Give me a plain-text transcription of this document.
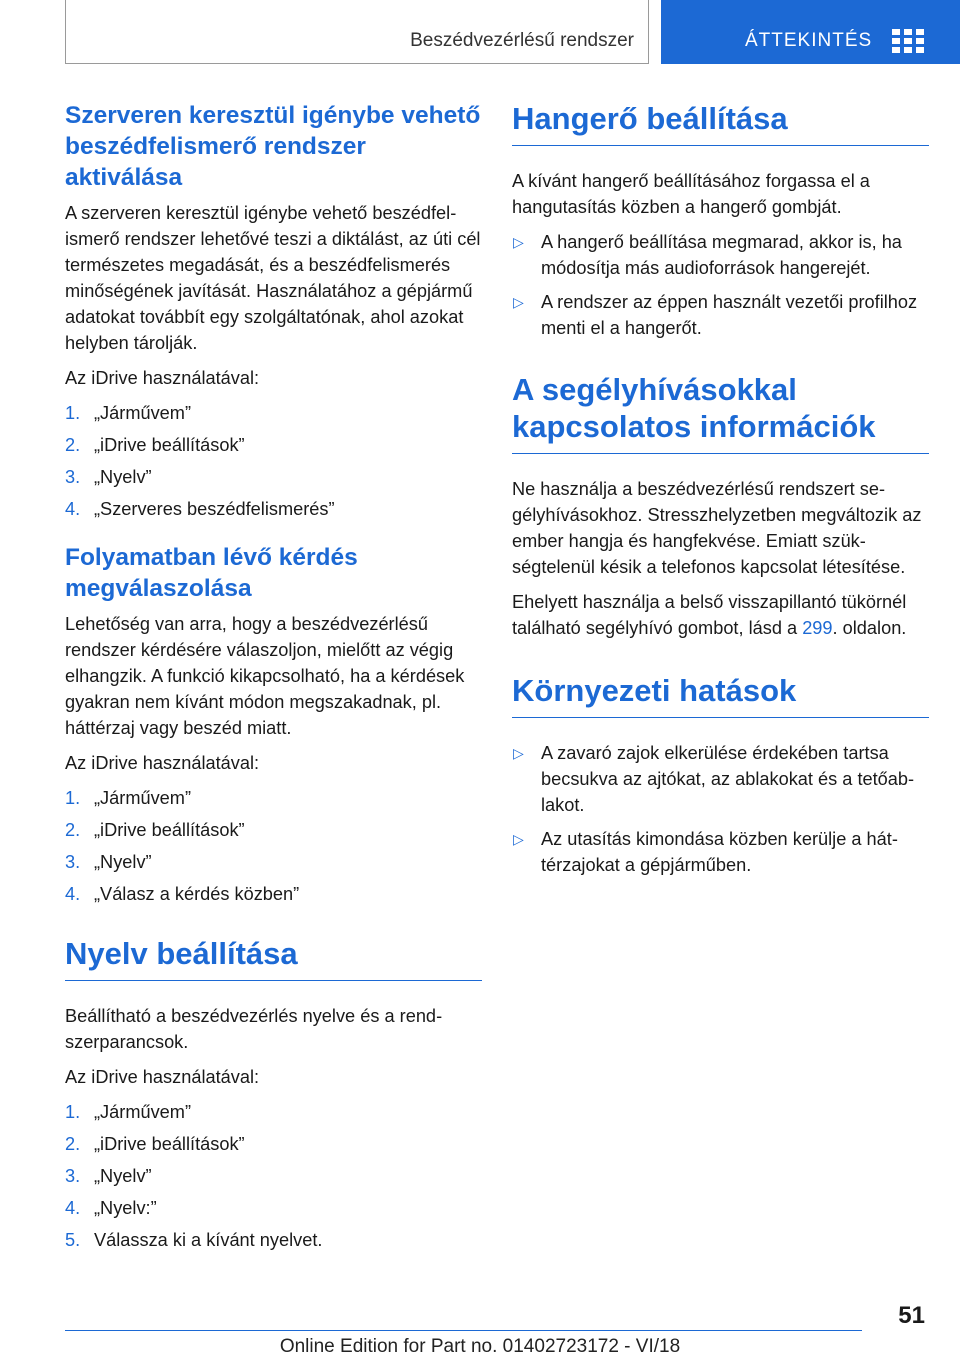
Beszédvezérlésű rendszer	ÁTTEKINTÉS
Szerveren keresztül igénybe vehető beszédfelismerő rendszer aktiválása

A szerveren keresztül igénybe vehető beszédfelismerő rendszer lehetővé teszi a diktálást, az úti cél természetes megadását, és a beszédfelismerés minőségének javítását. Használatához a gépjármű adatokat továbbít egy szolgáltatónak, ahol azokat helyben tárolják.

Az iDrive használatával:

1. „Járművem”
2. „iDrive beállítások”
3. „Nyelv”
4. „Szerveres beszédfelismerés”
Folyamatban lévő kérdés megválaszolása

Lehetőség van arra, hogy a beszédvezérlésű rendszer kérdésére válaszoljon, mielőtt az végig elhangzik. A funkció kikapcsolható, ha a kérdések gyakran nem kívánt módon megszakadnak, pl. háttérzaj vagy beszéd miatt.

Az iDrive használatával:

1. „Járművem”
2. „iDrive beállítások”
3. „Nyelv”
4. „Válasz a kérdés közben”
Nyelv beállítása

Beállítható a beszédvezérlés nyelve és a rendszerparancsok.

Az iDrive használatával:

1. „Járművem”
2. „iDrive beállítások”
3. „Nyelv”
4. „Nyelv:”
5. Válassza ki a kívánt nyelvet.
Hangerő beállítása

A kívánt hangerő beállításához forgassa el a hangutasítás közben a hangerő gombját.

▷ A hangerő beállítása megmarad, akkor is, ha módosítja más audioforrások hangerejét.
▷ A rendszer az éppen használt vezetői profilhoz menti el a hangerőt.
A segélyhívásokkal kapcsolatos információk

Ne használja a beszédvezérlésű rendszert segélyhívásokhoz. Stresszhelyzetben megváltozik az ember hangja és hangfekvése. Emiatt szükségtelenül késik a telefonos kapcsolat létesítése.

Ehelyett használja a belső visszapillantó tükörnél található segélyhívó gombot, lásd a 299. oldalon.

Környezeti hatások
▷ A zavaró zajok elkerülése érdekében tartsa becsukva az ajtókat, az ablakokat és a tetőablakot.
▷ Az utasítás kimondása közben kerülje a háttérzajokat a gépjárműben.
51
Online Edition for Part no. 01402723172 - VI/18
